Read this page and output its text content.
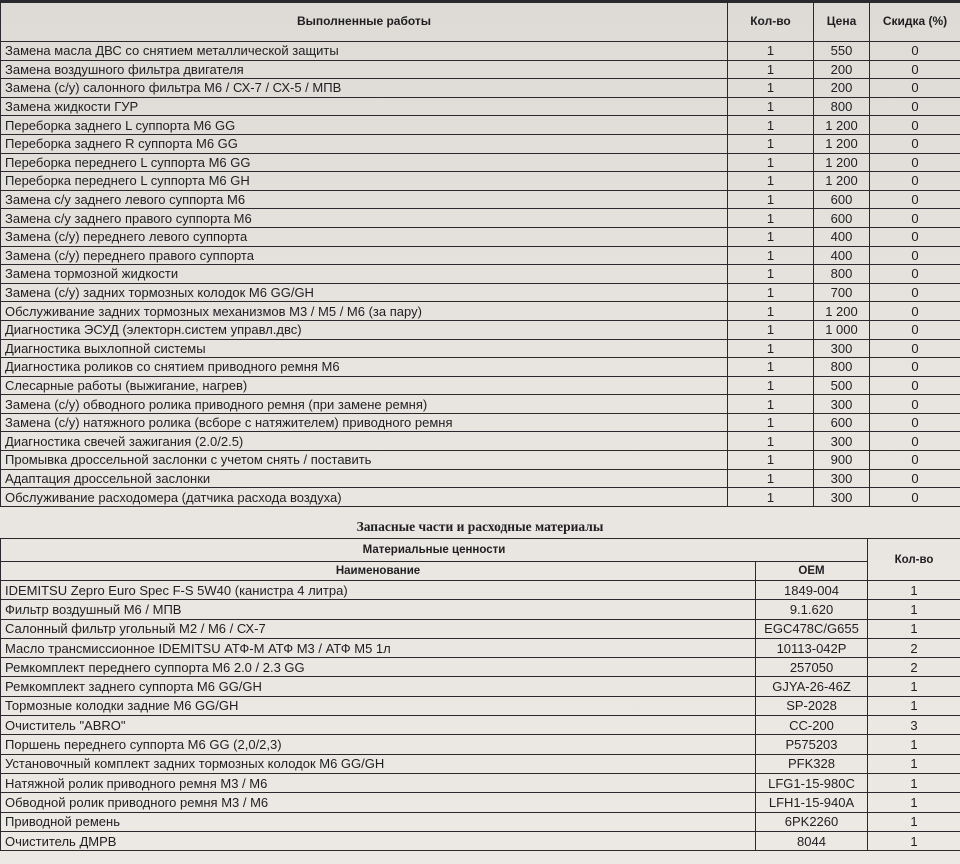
Выполненные работы	Кол-во	Цена	Скидка (%)
Замена масла ДВС со снятием металлической защиты	1	550	0
Замена воздушного фильтра двигателя	1	200	0
Замена (с/у) салонного фильтра М6 / СХ-7 / СХ-5 / МПВ	1	200	0
Замена жидкости ГУР	1	800	0
Переборка заднего L суппорта М6 GG	1	1 200	0
Переборка заднего R суппорта М6 GG	1	1 200	0
Переборка переднего L суппорта М6 GG	1	1 200	0
Переборка переднего L суппорта М6 GH	1	1 200	0
Замена с/у заднего левого суппорта М6	1	600	0
Замена с/у заднего правого суппорта М6	1	600	0
Замена (с/у) переднего левого суппорта	1	400	0
Замена (с/у) переднего правого суппорта	1	400	0
Замена тормозной жидкости	1	800	0
Замена (с/у) задних тормозных колодок М6 GG/GH	1	700	0
Обслуживание задних тормозных механизмов М3 / М5 / М6 (за пару)	1	1 200	0
Диагностика ЭСУД (электорн.систем управл.двс)	1	1 000	0
Диагностика выхлопной системы	1	300	0
Диагностика роликов со снятием приводного ремня М6	1	800	0
Слесарные работы (выжигание, нагрев)	1	500	0
Замена (с/у) обводного ролика приводного ремня (при замене ремня)	1	300	0
Замена (с/у) натяжного ролика (всборе с натяжителем) приводного ремня	1	600	0
Диагностика свечей зажигания (2.0/2.5)	1	300	0
Промывка дроссельной заслонки с учетом снять / поставить	1	900	0
Адаптация дроссельной заслонки	1	300	0
Обслуживание расходомера (датчика расхода воздуха)	1	300	0
Запасные части и расходные материалы
Материальные ценности		Кол-во
Наименование	OEM	
IDEMITSU Zepro Euro Spec F-S 5W40 (канистра 4 литра)	1849-004	1
Фильтр воздушный М6 / МПВ	9.1.620	1
Салонный фильтр угольный М2 / М6 / СХ-7	EGC478C/G655	1
Масло трансмиссионное IDEMITSU АТФ-М АТФ М3 / АТФ М5 1л	10113-042P	2
Ремкомплект переднего суппорта М6 2.0 / 2.3 GG	257050	2
Ремкомплект заднего суппорта М6 GG/GH	GJYA-26-46Z	1
Тормозные колодки задние М6 GG/GH	SP-2028	1
Очиститель "ABRO"	CC-200	3
Поршень переднего суппорта М6 GG (2,0/2,3)	P575203	1
Установочный комплект задних тормозных колодок М6 GG/GH	PFK328	1
Натяжной ролик приводного ремня М3 / М6	LFG1-15-980C	1
Обводной ролик приводного ремня М3 / М6	LFH1-15-940A	1
Приводной ремень	6PK2260	1
Очиститель ДМРВ	8044	1
